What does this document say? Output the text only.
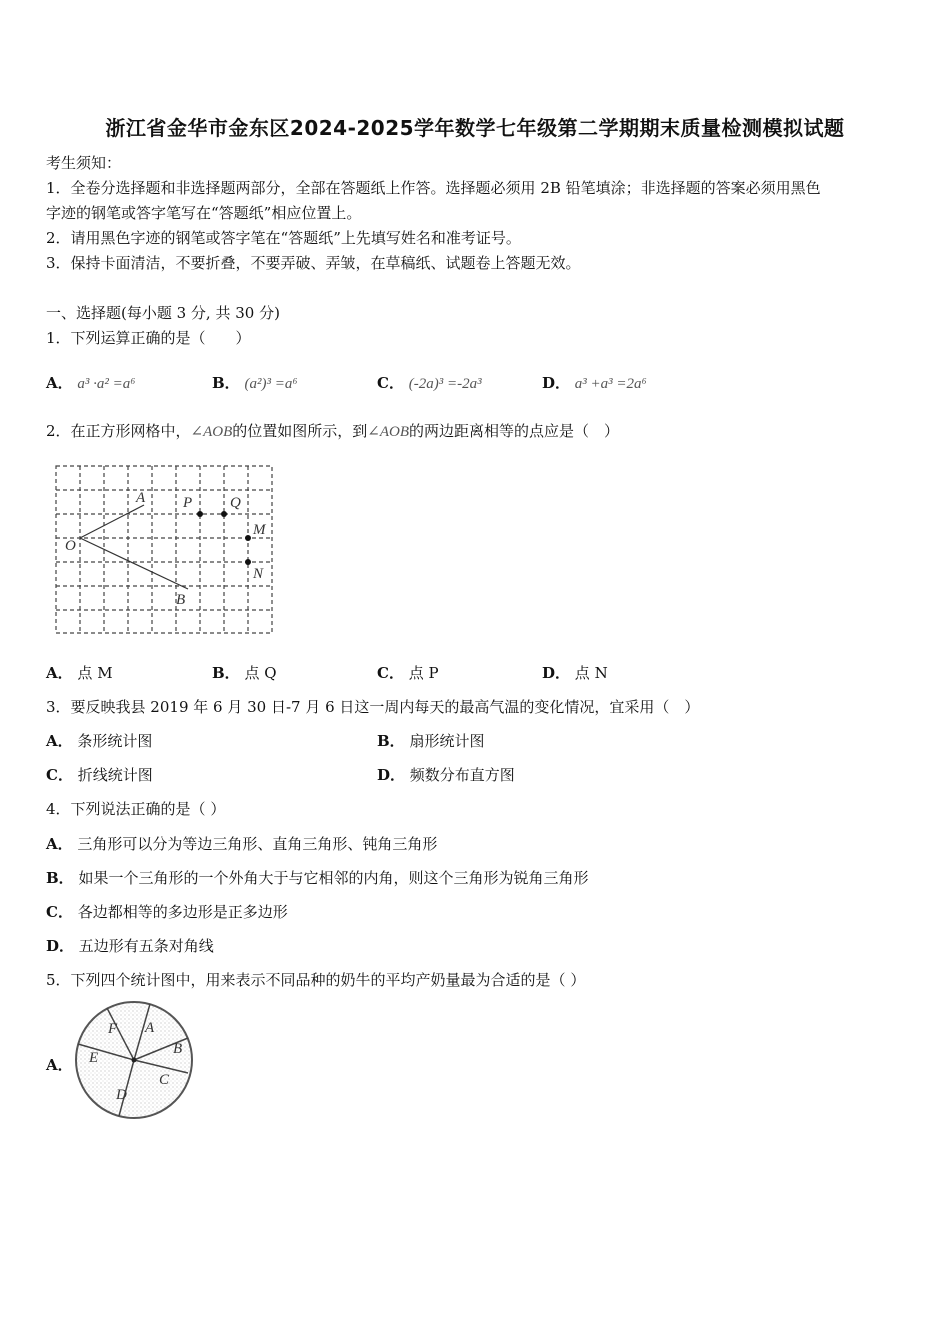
浙江省金华市金东区2024-2025学年数学七年级第二学期期末质量检测模拟试题
考生须知：
1．全卷分选择题和非选择题两部分，全部在答题纸上作答。选择题必须用 2B 铅笔填涂；非选择题的答案必须用黑色
字迹的钢笔或答字笔写在“答题纸”相应位置上。
2．请用黑色字迹的钢笔或答字笔在“答题纸”上先填写姓名和准考证号。
3．保持卡面清洁，不要折叠，不要弄破、弄皱，在草稿纸、试题卷上答题无效。
一、选择题(每小题 3 分, 共 30 分)
1．下列运算正确的是（　　）
A． a³ ·a² =a⁶	B． (a²)³ =a⁶	C． (-2a)³ =-2a³	D． a³ +a³ =2a⁶
2．在正方形网格中，∠AOB的位置如图所示，到∠AOB的两边距离相等的点应是（　）
O
A
B
P	Q
M
N
A． 点 M	B． 点 Q	C． 点 P	D． 点 N
3．要反映我县 2019 年 6 月 30 日-7 月 6 日这一周内每天的最高气温的变化情况，宜采用（　）
A． 条形统计图	B． 扇形统计图
C． 折线统计图	D． 频数分布直方图
4．下列说法正确的是（ ）
A． 三角形可以分为等边三角形、直角三角形、钝角三角形
B． 如果一个三角形的一个外角大于与它相邻的内角，则这个三角形为锐角三角形
C． 各边都相等的多边形是正多边形
D． 五边形有五条对角线
5．下列四个统计图中，用来表示不同品种的奶牛的平均产奶量最为合适的是（ ）
A．
A
B
C
D
E
F
